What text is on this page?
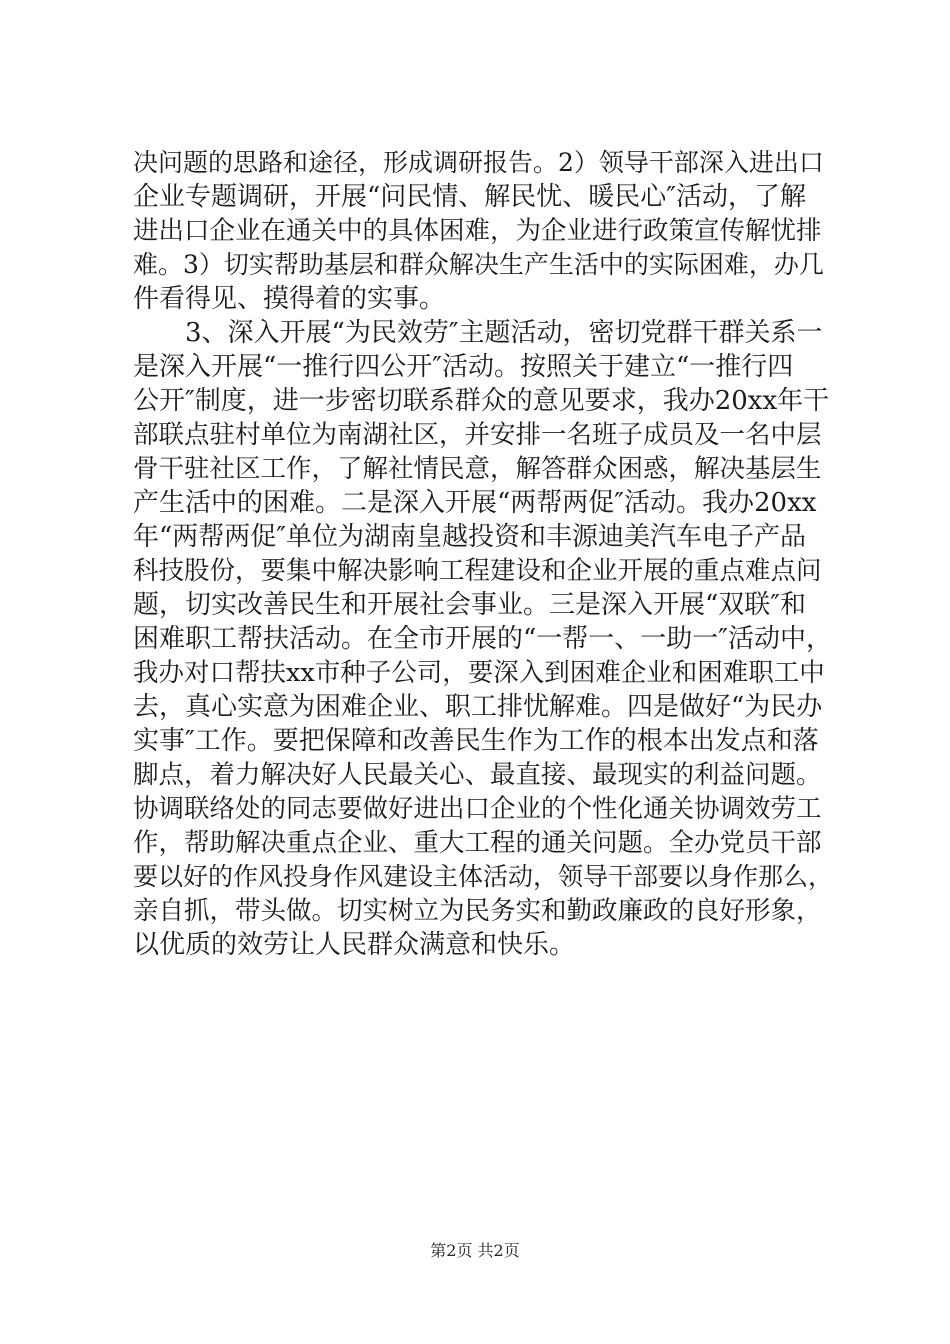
决问题的思路和途径，形成调研报告。2）领导干部深入进出口
企业专题调研，开展“问民情、解民忧、暖民心″活动，了解
进出口企业在通关中的具体困难，为企业进行政策宣传解忧排
难。3）切实帮助基层和群众解决生产生活中的实际困难，办几
件看得见、摸得着的实事。
　　3、深入开展“为民效劳″主题活动，密切党群干群关系一
是深入开展“一推行四公开″活动。按照关于建立“一推行四
公开″制度，进一步密切联系群众的意见要求，我办20xx年干
部联点驻村单位为南湖社区，并安排一名班子成员及一名中层
骨干驻社区工作，了解社情民意，解答群众困惑，解决基层生
产生活中的困难。二是深入开展“两帮两促″活动。我办20xx
年“两帮两促″单位为湖南皇越投资和丰源迪美汽车电子产品
科技股份，要集中解决影响工程建设和企业开展的重点难点问
题，切实改善民生和开展社会事业。三是深入开展“双联″和
困难职工帮扶活动。在全市开展的“一帮一、一助一″活动中，
我办对口帮扶xx市种子公司，要深入到困难企业和困难职工中
去，真心实意为困难企业、职工排忧解难。四是做好“为民办
实事″工作。要把保障和改善民生作为工作的根本出发点和落
脚点，着力解决好人民最关心、最直接、最现实的利益问题。
协调联络处的同志要做好进出口企业的个性化通关协调效劳工
作，帮助解决重点企业、重大工程的通关问题。全办党员干部
要以好的作风投身作风建设主体活动，领导干部要以身作那么，
亲自抓，带头做。切实树立为民务实和勤政廉政的良好形象，
以优质的效劳让人民群众满意和快乐。
第2页 共2页
